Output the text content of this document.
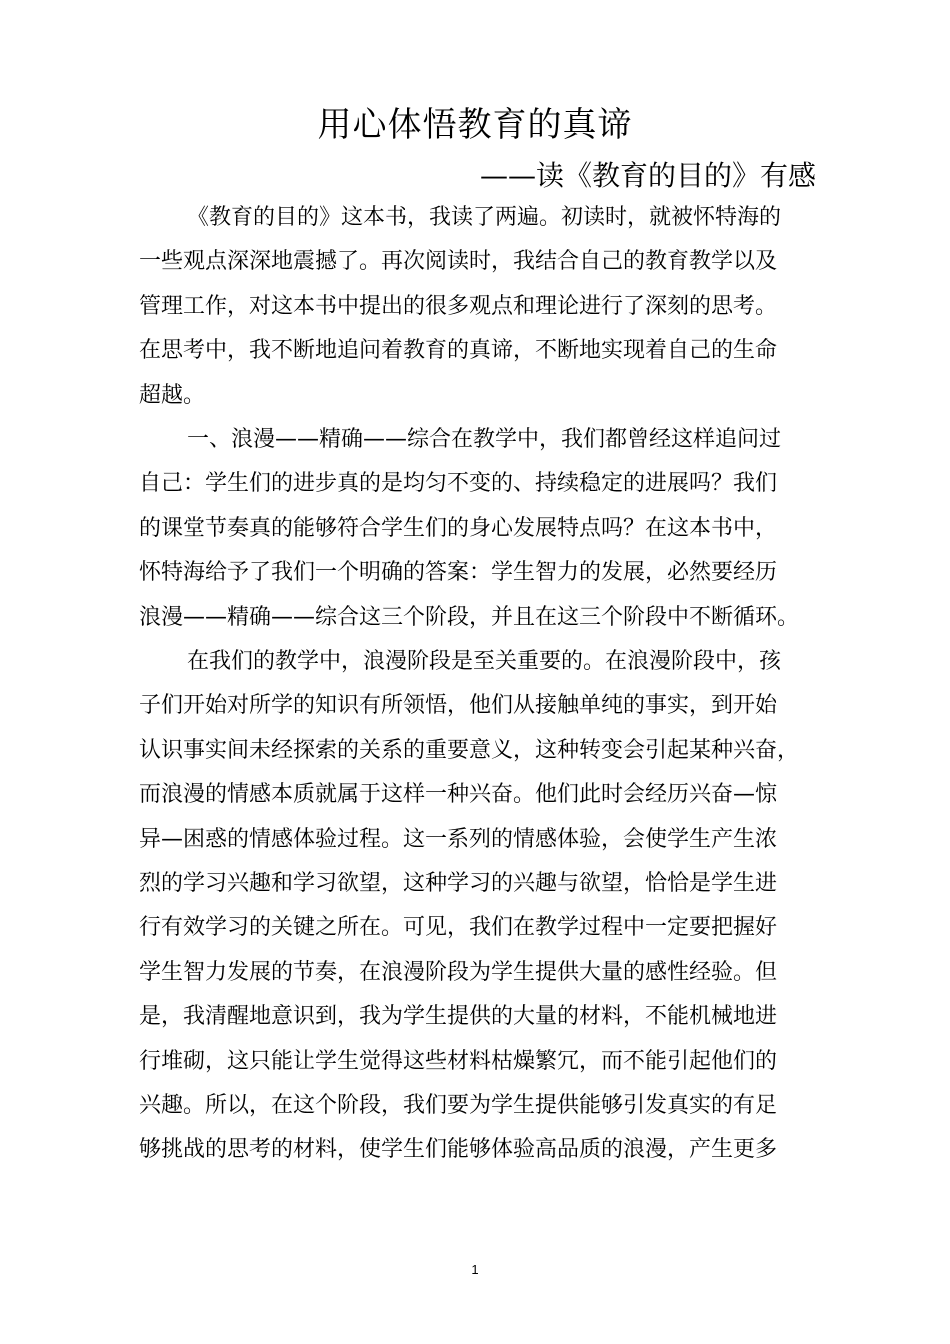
用心体悟教育的真谛
——读《教育的目的》有感
《教育的目的》这本书，我读了两遍。初读时，就被怀特海的
一些观点深深地震撼了。再次阅读时，我结合自己的教育教学以及
管理工作，对这本书中提出的很多观点和理论进行了深刻的思考。
在思考中，我不断地追问着教育的真谛，不断地实现着自己的生命
超越。
一、浪漫——精确——综合在教学中，我们都曾经这样追问过
自己：学生们的进步真的是均匀不变的、持续稳定的进展吗？我们
的课堂节奏真的能够符合学生们的身心发展特点吗？在这本书中，
怀特海给予了我们一个明确的答案：学生智力的发展，必然要经历
浪漫——精确——综合这三个阶段，并且在这三个阶段中不断循环。
在我们的教学中，浪漫阶段是至关重要的。在浪漫阶段中，孩
子们开始对所学的知识有所领悟，他们从接触单纯的事实，到开始
认识事实间未经探索的关系的重要意义，这种转变会引起某种兴奋，
而浪漫的情感本质就属于这样一种兴奋。他们此时会经历兴奋—惊
异—困惑的情感体验过程。这一系列的情感体验，会使学生产生浓
烈的学习兴趣和学习欲望，这种学习的兴趣与欲望，恰恰是学生进
行有效学习的关键之所在。可见，我们在教学过程中一定要把握好
学生智力发展的节奏，在浪漫阶段为学生提供大量的感性经验。但
是，我清醒地意识到，我为学生提供的大量的材料，不能机械地进
行堆砌，这只能让学生觉得这些材料枯燥繁冗，而不能引起他们的
兴趣。所以，在这个阶段，我们要为学生提供能够引发真实的有足
够挑战的思考的材料，使学生们能够体验高品质的浪漫，产生更多
1
